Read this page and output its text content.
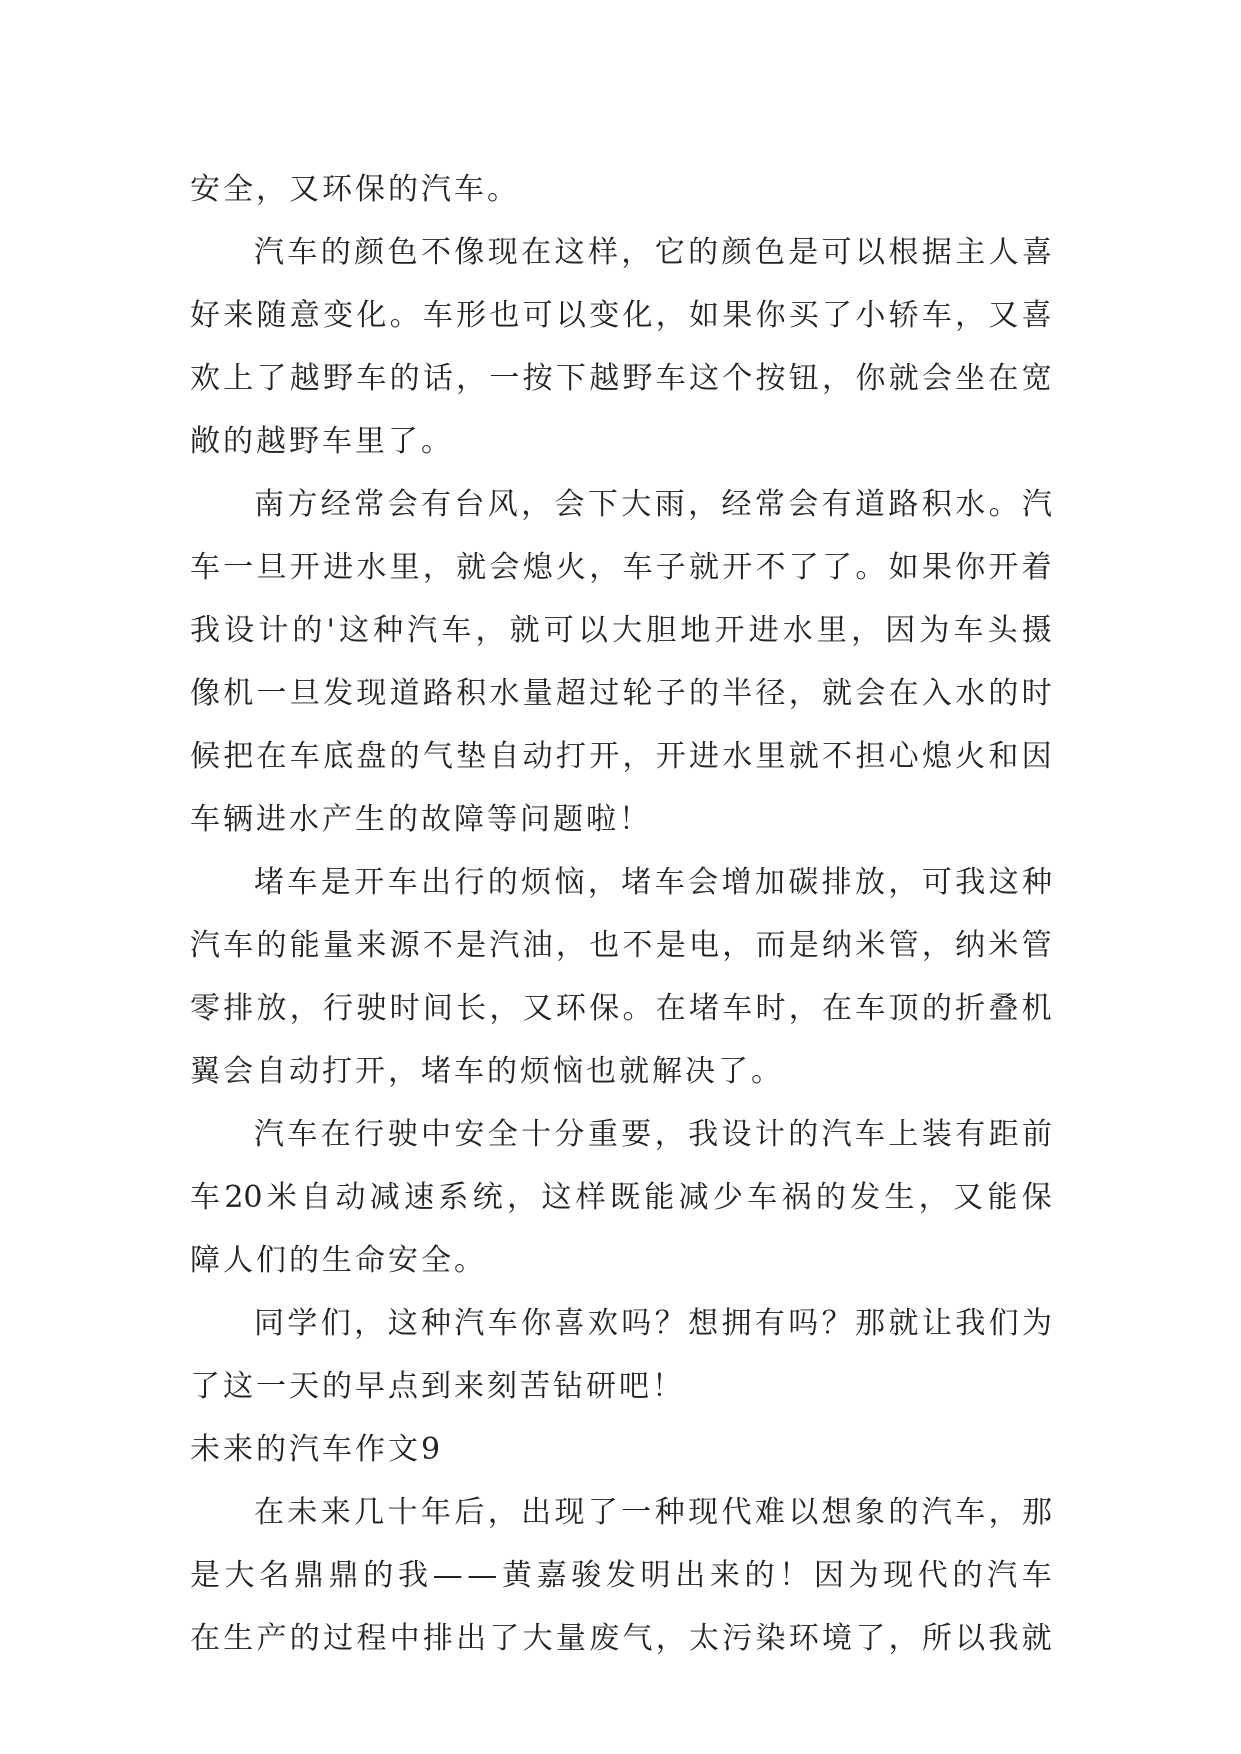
安 全 ， 又 环 保 的 汽 车 。
汽 车 的 颜 色 不 像 现 在 这 样 ， 它 的 颜 色 是 可 以 根 据 主 人 喜
好 来 随 意 变 化 。 车 形 也 可 以 变 化 ， 如 果 你 买 了 小 轿 车 ， 又 喜
欢 上 了 越 野 车 的 话 ， 一 按 下 越 野 车 这 个 按 钮 ， 你 就 会 坐 在 宽
敞 的 越 野 车 里 了 。
南 方 经 常 会 有 台 风 ， 会 下 大 雨 ， 经 常 会 有 道 路 积 水 。 汽
车 一 旦 开 进 水 里 ， 就 会 熄 火 ， 车 子 就 开 不 了 了 。 如 果 你 开 着
我 设 计 的 ' 这 种 汽 车 ， 就 可 以 大 胆 地 开 进 水 里 ， 因 为 车 头 摄
像 机 一 旦 发 现 道 路 积 水 量 超 过 轮 子 的 半 径 ， 就 会 在 入 水 的 时
候 把 在 车 底 盘 的 气 垫 自 动 打 开 ， 开 进 水 里 就 不 担 心 熄 火 和 因
车 辆 进 水 产 生 的 故 障 等 问 题 啦 ！
堵 车 是 开 车 出 行 的 烦 恼 ， 堵 车 会 增 加 碳 排 放 ， 可 我 这 种
汽 车 的 能 量 来 源 不 是 汽 油 ， 也 不 是 电 ， 而 是 纳 米 管 ， 纳 米 管
零 排 放 ， 行 驶 时 间 长 ， 又 环 保 。 在 堵 车 时 ， 在 车 顶 的 折 叠 机
翼 会 自 动 打 开 ， 堵 车 的 烦 恼 也 就 解 决 了 。
汽 车 在 行 驶 中 安 全 十 分 重 要 ， 我 设 计 的 汽 车 上 装 有 距 前
车 20 米 自 动 减 速 系 统 ， 这 样 既 能 减 少 车 祸 的 发 生 ， 又 能 保
障 人 们 的 生 命 安 全 。
同 学 们 ， 这 种 汽 车 你 喜 欢 吗 ？ 想 拥 有 吗 ？ 那 就 让 我 们 为
了 这 一 天 的 早 点 到 来 刻 苦 钻 研 吧 ！
未 来 的 汽 车 作 文 9
在 未 来 几 十 年 后 ， 出 现 了 一 种 现 代 难 以 想 象 的 汽 车 ， 那
是 大 名 鼎 鼎 的 我 — — 黄 嘉 骏 发 明 出 来 的 ！ 因 为 现 代 的 汽 车
在 生 产 的 过 程 中 排 出 了 大 量 废 气 ， 太 污 染 环 境 了 ， 所 以 我 就
